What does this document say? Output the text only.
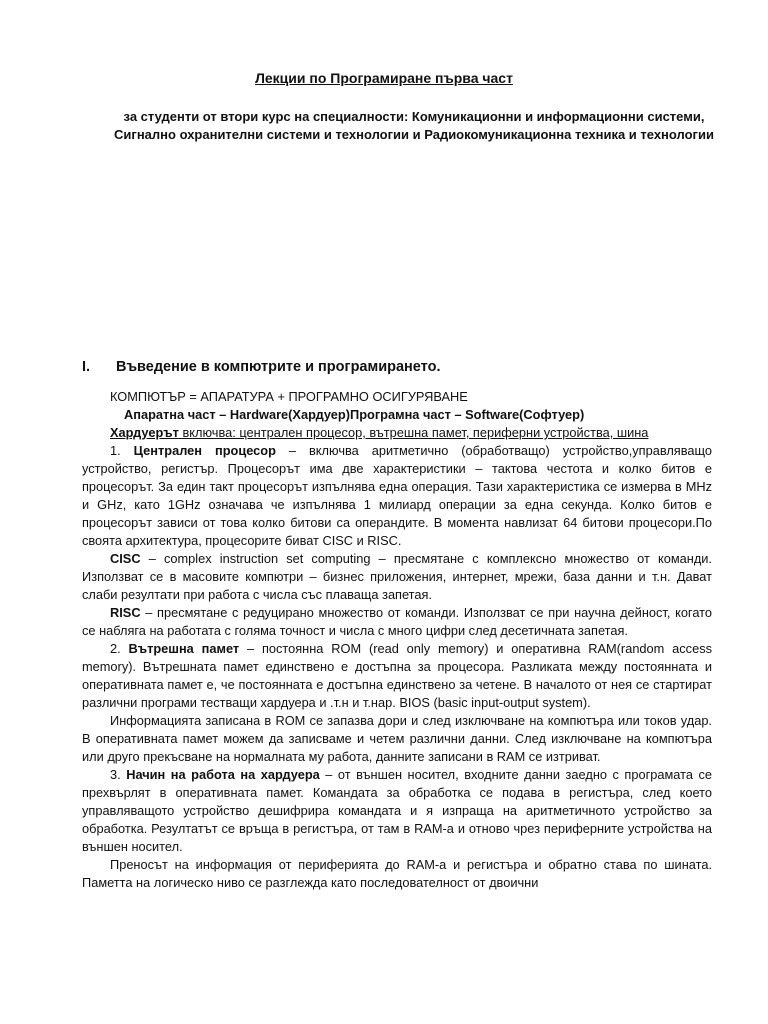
Лекции по Програмиране първа част

за студенти от втори курс на специалности: Комуникационни и информационни системи, Сигнално охранителни системи и технологии и Радиокомуникационна техника и технологии

I. Въведение в компютрите и програмирането.

КОМПЮТЪР = АПАРАТУРА + ПРОГРАМНО ОСИГУРЯВАНЕ

Апаратна част – Hardware(Хардуер)Програмна част – Software(Софтуер)

Хардуерът включва: централен процесор, вътрешна памет, периферни устройства, шина

1. Централен процесор – включва аритметично (обработващо) устройство,управляващо устройство, регистър. Процесорът има две характеристики – тактова честота и колко битов е процесорът. За един такт процесорът изпълнява една операция. Тази характеристика се измерва в MHz и GHz, като 1GHz означава че изпълнява 1 милиард операции за една секунда. Колко битов е процесорът зависи от това колко битови са операндите. В момента навлизат 64 битови процесори.По своята архитектура, процесорите биват CISC и RISC.

CISC – complex instruction set computing – пресмятане с комплексно множество от команди. Използват се в масовите компютри – бизнес приложения, интернет, мрежи, база данни и т.н. Дават слаби резултати при работа с числа със плаваща запетая.

RISC – пресмятане с редуцирано множество от команди. Използват се при научна дейност, когато се набляга на работата с голяма точност и числа с много цифри след десетичната запетая.

2. Вътрешна памет – постоянна ROM (read only memory) и оперативна RAM(random access memory). Вътрешната памет единствено е достъпна за процесора. Разликата между постоянната и оперативната памет е, че постоянната е достъпна единствено за четене. В началото от нея се стартират различни програми тестващи хардуера и .т.н и т.нар. BIOS (basic input-output system).

Информацията записана в ROM се запазва дори и след изключване на компютъра или токов удар. В оперативната памет можем да записваме и четем различни данни. След изключване на компютъра или друго прекъсване на нормалната му работа, данните записани в RAM се изтриват.

3. Начин на работа на хардуера – от външен носител, входните данни заедно с програмата се прехвърлят в оперативната памет. Командата за обработка се подава в регистъра, след което управляващото устройство дешифрира командата и я изпраща на аритметичното устройство за обработка. Резултатът се връща в регистъра, от там в RAM-а и отново чрез периферните устройства на външен носител.

Преносът на информация от периферията до RAM-а и регистъра и обратно става по шината. Паметта на логическо ниво се разглежда като последователност от двоични
